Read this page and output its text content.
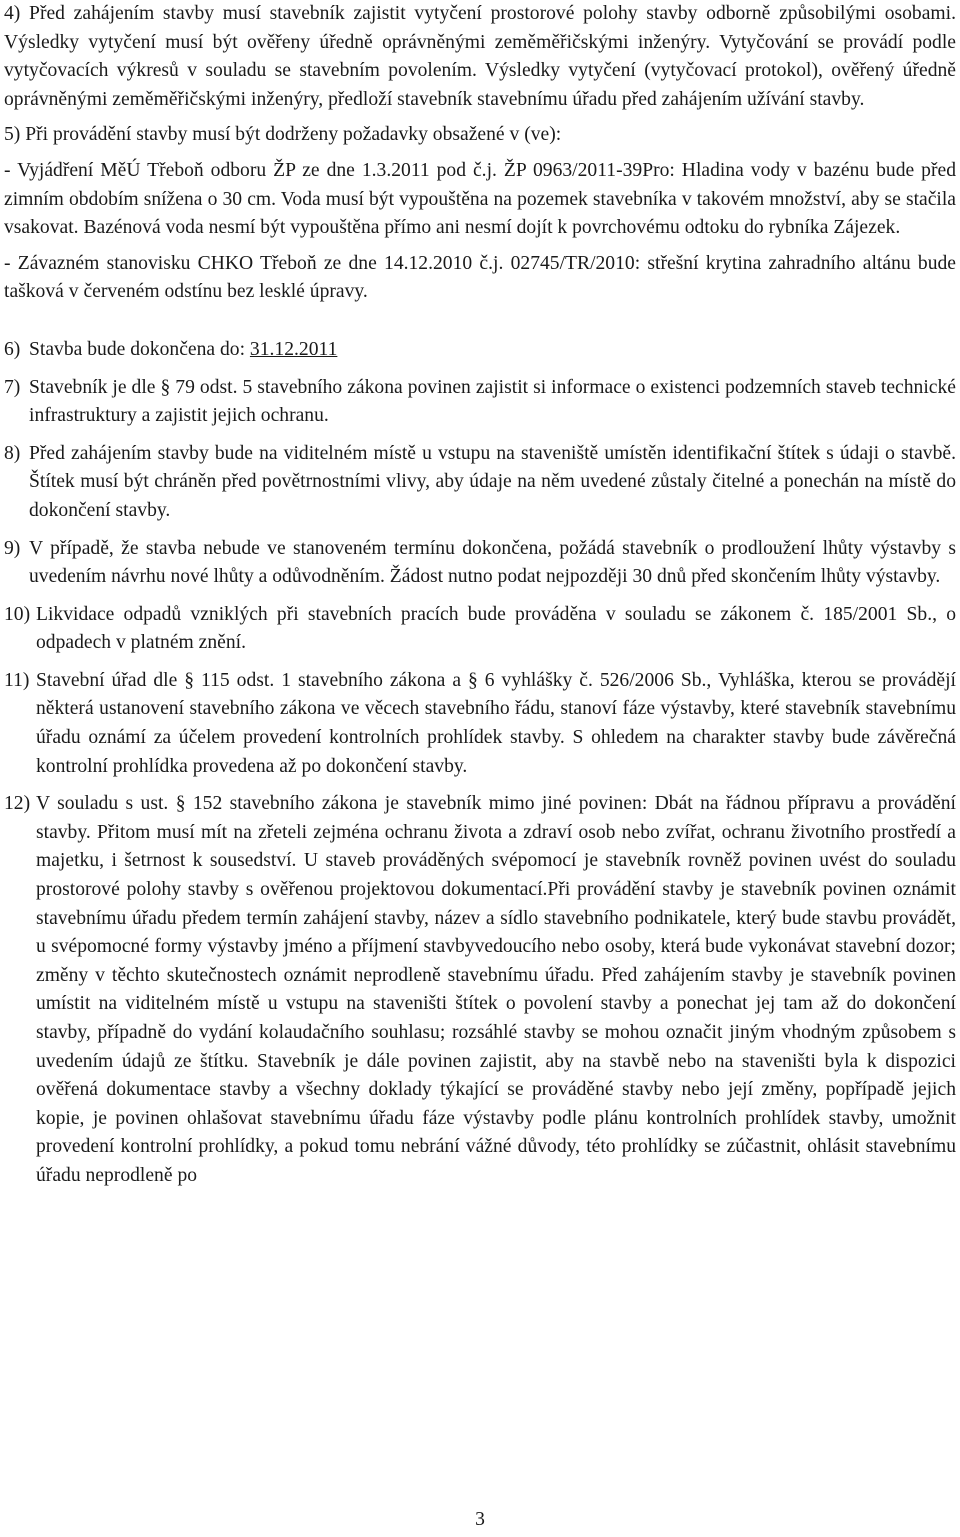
4) Před zahájením stavby musí stavebník zajistit vytyčení prostorové polohy stavby odborně způsobilými osobami. Výsledky vytyčení musí být ověřeny úředně oprávněnými zeměměřičskými inženýry. Vytyčování se provádí podle vytyčovacích výkresů v souladu se stavebním povolením. Výsledky vytyčení (vytyčovací protokol), ověřený úředně oprávněnými zeměměřičskými inženýry, předloží stavebník stavebnímu úřadu před zahájením užívání stavby.

5) Při provádění stavby musí být dodrženy požadavky obsažené v (ve):

- Vyjádření MěÚ Třeboň odboru ŽP ze dne 1.3.2011 pod č.j. ŽP 0963/2011-39Pro: Hladina vody v bazénu bude před zimním obdobím snížena o 30 cm. Voda musí být vypouštěna na pozemek stavebníka v takovém množství, aby se stačila vsakovat. Bazénová voda nesmí být vypouštěna přímo ani nesmí dojít k povrchovému odtoku do rybníka Zájezek.

- Závazném stanovisku CHKO Třeboň ze dne 14.12.2010 č.j. 02745/TR/2010: střešní krytina zahradního altánu bude tašková v červeném odstínu bez lesklé úpravy.

6) Stavba bude dokončena do: 31.12.2011
7) Stavebník je dle § 79 odst. 5 stavebního zákona povinen zajistit si informace o existenci podzemních staveb technické infrastruktury a zajistit jejich ochranu.
8) Před zahájením stavby bude na viditelném místě u vstupu na staveniště umístěn identifikační štítek s údaji o stavbě. Štítek musí být chráněn před povětrnostními vlivy, aby údaje na něm uvedené zůstaly čitelné a ponechán na místě do dokončení stavby.
9) V případě, že stavba nebude ve stanoveném termínu dokončena, požádá stavebník o prodloužení lhůty výstavby s uvedením návrhu nové lhůty a odůvodněním. Žádost nutno podat nejpozději 30 dnů před skončením lhůty výstavby.
10) Likvidace odpadů vzniklých při stavebních pracích bude prováděna v souladu se zákonem č. 185/2001 Sb., o odpadech v platném znění.
11) Stavební úřad dle § 115 odst. 1 stavebního zákona a § 6 vyhlášky č. 526/2006 Sb., Vyhláška, kterou se provádějí některá ustanovení stavebního zákona ve věcech stavebního řádu, stanoví fáze výstavby, které stavebník stavebnímu úřadu oznámí za účelem provedení kontrolních prohlídek stavby. S ohledem na charakter stavby bude závěrečná kontrolní prohlídka provedena až po dokončení stavby.
12) V souladu s ust. § 152 stavebního zákona je stavebník mimo jiné povinen: Dbát na řádnou přípravu a provádění stavby. Přitom musí mít na zřeteli zejména ochranu života a zdraví osob nebo zvířat, ochranu životního prostředí a majetku, i šetrnost k sousedství. U staveb prováděných svépomocí je stavebník rovněž povinen uvést do souladu prostorové polohy stavby s ověřenou projektovou dokumentací.Při provádění stavby je stavebník povinen oznámit stavebnímu úřadu předem termín zahájení stavby, název a sídlo stavebního podnikatele, který bude stavbu provádět, u svépomocné formy výstavby jméno a příjmení stavbyvedoucího nebo osoby, která bude vykonávat stavební dozor; změny v těchto skutečnostech oznámit neprodleně stavebnímu úřadu. Před zahájením stavby je stavebník povinen umístit na viditelném místě u vstupu na staveništi štítek o povolení stavby a ponechat jej tam až do dokončení stavby, případně do vydání kolaudačního souhlasu; rozsáhlé stavby se mohou označit jiným vhodným způsobem s uvedením údajů ze štítku. Stavebník je dále povinen zajistit, aby na stavbě nebo na staveništi byla k dispozici ověřená dokumentace stavby a všechny doklady týkající se prováděné stavby nebo její změny, popřípadě jejich kopie, je povinen ohlašovat stavebnímu úřadu fáze výstavby podle plánu kontrolních prohlídek stavby, umožnit provedení kontrolní prohlídky, a pokud tomu nebrání vážné důvody, této prohlídky se zúčastnit, ohlásit stavebnímu úřadu neprodleně po
3
